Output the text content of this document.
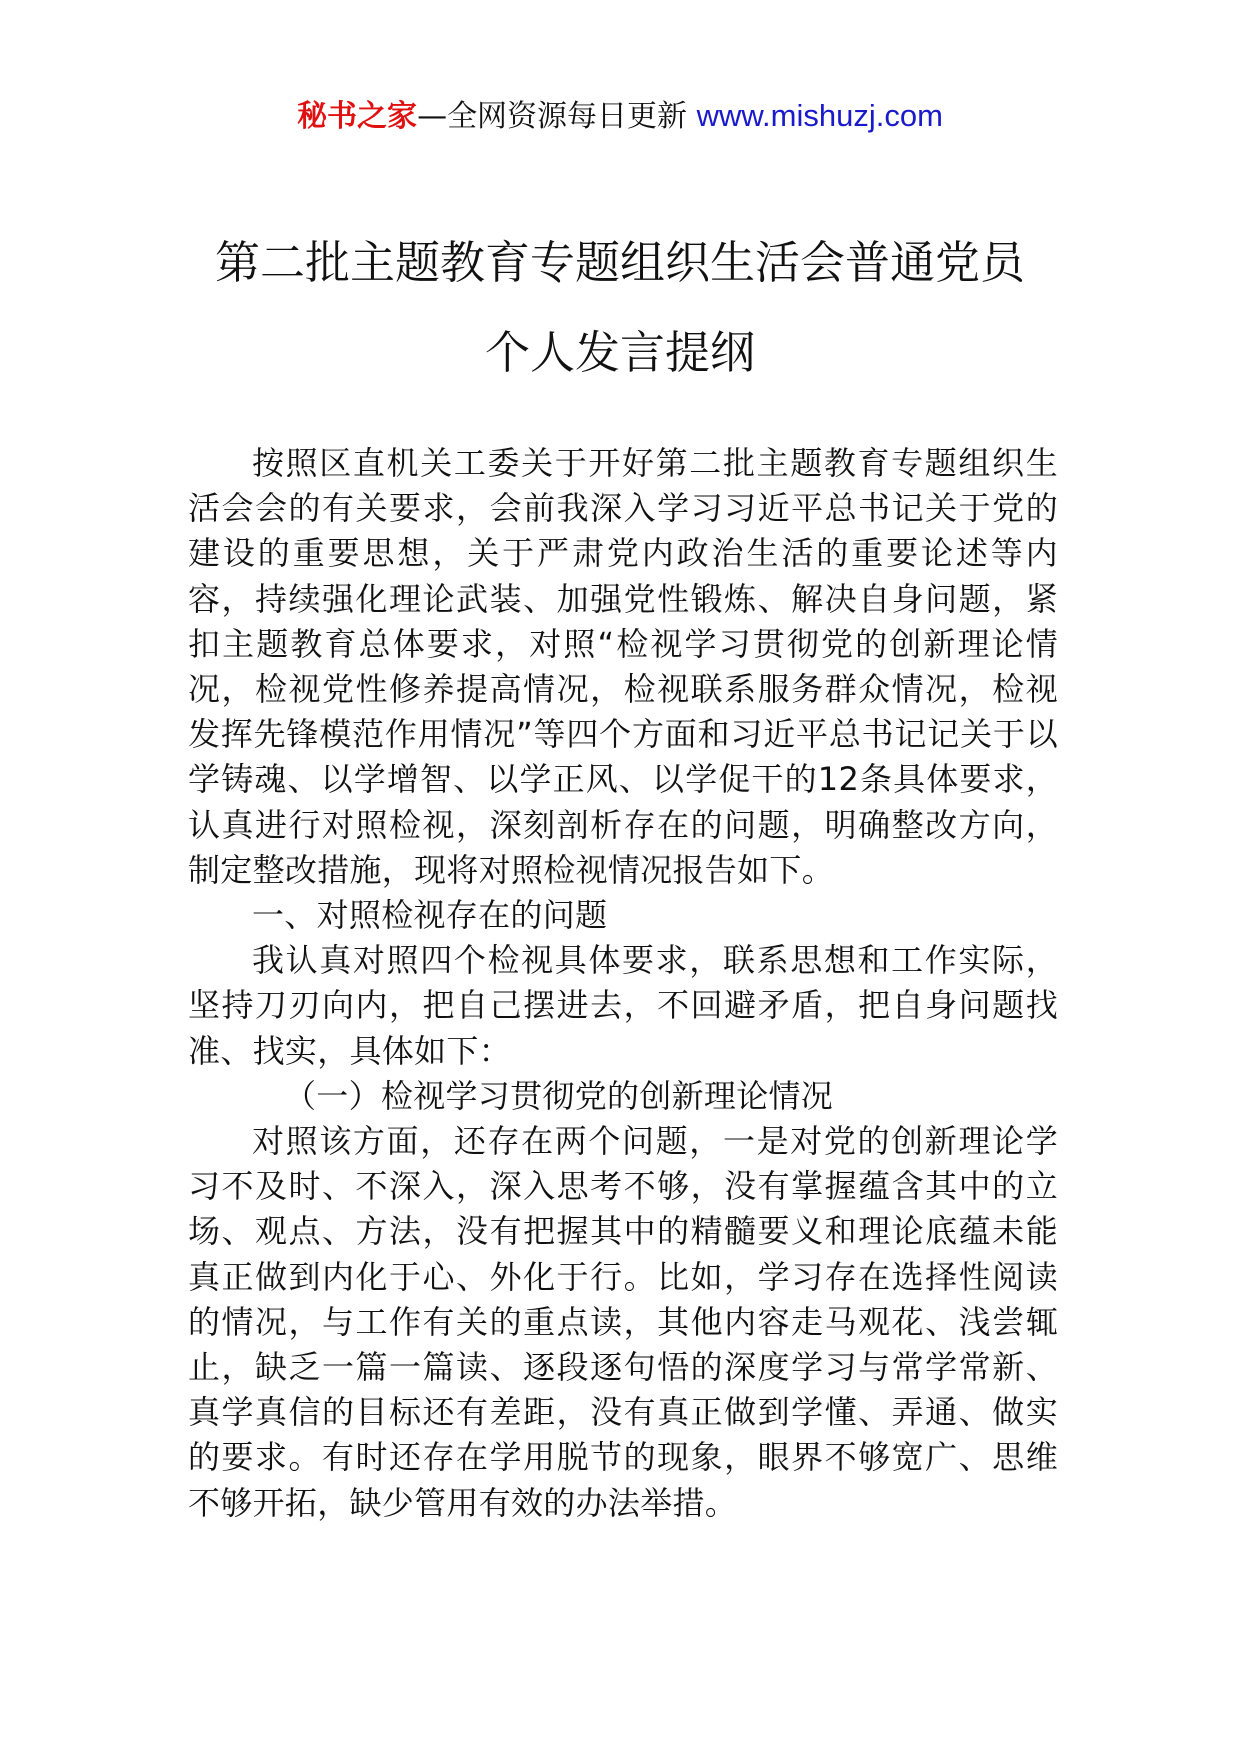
秘书之家—全网资源每日更新 www.mishuzj.com
第二批主题教育专题组织生活会普通党员
个人发言提纲

按照区直机关工委关于开好第二批主题教育专题组织生活会会的有关要求，会前我深入学习习近平总书记关于党的建设的重要思想，关于严肃党内政治生活的重要论述等内容，持续强化理论武装、加强党性锻炼、解决自身问题，紧扣主题教育总体要求，对照“检视学习贯彻党的创新理论情况，检视党性修养提高情况，检视联系服务群众情况，检视发挥先锋模范作用情况”等四个方面和习近平总书记记关于以学铸魂、以学增智、以学正风、以学促干的12条具体要求，认真进行对照检视，深刻剖析存在的问题，明确整改方向，制定整改措施，现将对照检视情况报告如下。

一、对照检视存在的问题

我认真对照四个检视具体要求，联系思想和工作实际，坚持刀刃向内，把自己摆进去，不回避矛盾，把自身问题找准、找实，具体如下：

（一）检视学习贯彻党的创新理论情况

对照该方面，还存在两个问题，一是对党的创新理论学习不及时、不深入，深入思考不够，没有掌握蕴含其中的立场、观点、方法，没有把握其中的精髓要义和理论底蕴未能真正做到内化于心、外化于行。比如，学习存在选择性阅读的情况，与工作有关的重点读，其他内容走马观花、浅尝辄止，缺乏一篇一篇读、逐段逐句悟的深度学习与常学常新、真学真信的目标还有差距，没有真正做到学懂、弄通、做实的要求。有时还存在学用脱节的现象，眼界不够宽广、思维不够开拓，缺少管用有效的办法举措。
